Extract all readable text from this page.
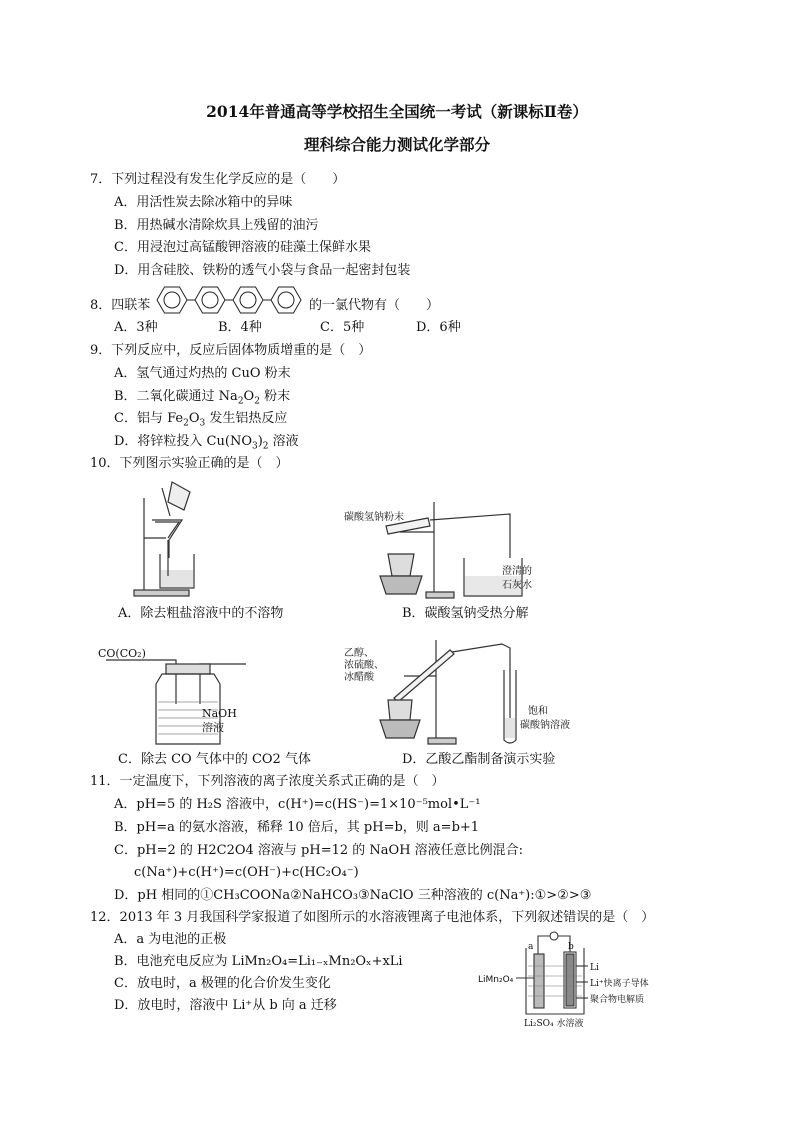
2014年普通高等学校招生全国统一考试（新课标Ⅱ卷）
理科综合能力测试化学部分
7．下列过程没有发生化学反应的是（　　）
A．用活性炭去除冰箱中的异味
B．用热碱水清除炊具上残留的油污
C．用浸泡过高锰酸钾溶液的硅藻土保鲜水果
D．用含硅胶、铁粉的透气小袋与食品一起密封包装
8．四联苯	的一氯代物有（　　）
A．3种	B．4种	C．5种	D．6种
9．下列反应中，反应后固体物质增重的是（　）
A．氢气通过灼热的 CuO 粉末
B．二氧化碳通过 $Na_2O_2$ 粉末
C．铝与 $Fe_2O_3$ 发生铝热反应
D．将锌粒投入 $Cu(NO_3)_2$ 溶液
10．下列图示实验正确的是（　）
A．除去粗盐溶液中的不溶物
碳酸氢钠粉末
澄清的
石灰水
B．碳酸氢钠受热分解
CO(CO₂)
NaOH
溶液
C．除去 CO 气体中的 CO2 气体
乙醇、
浓硫酸、
冰醋酸
饱和
碳酸钠溶液
D．乙酸乙酯制备演示实验
11．一定温度下，下列溶液的离子浓度关系式正确的是（　）
A．pH=5 的 H₂S 溶液中，c(H⁺)=c(HS⁻)=1×10⁻⁵mol•L⁻¹
B．pH=a 的氨水溶液，稀释 10 倍后，其 pH=b，则 a=b+1
C．pH=2 的 H2C2O4 溶液与 pH=12 的 NaOH 溶液任意比例混合:
c(Na⁺)+c(H⁺)=c(OH⁻)+c(HC₂O₄⁻)
D．pH 相同的①CH₃COONa②NaHCO₃③NaClO 三种溶液的 c(Na⁺):①>②>③
12．2013 年 3 月我国科学家报道了如图所示的水溶液锂离子电池体系，下列叙述错误的是（　）
A．a 为电池的正极
B．电池充电反应为 LiMn₂O₄=Li₁₋ₓMn₂Oₓ+xLi
C．放电时，a 极锂的化合价发生变化
D．放电时，溶液中 Li⁺从 b 向 a 迁移
a	b
LiMn₂O₄
Li
Li⁺快离子导体
聚合物电解质
Li₂SO₄ 水溶液
